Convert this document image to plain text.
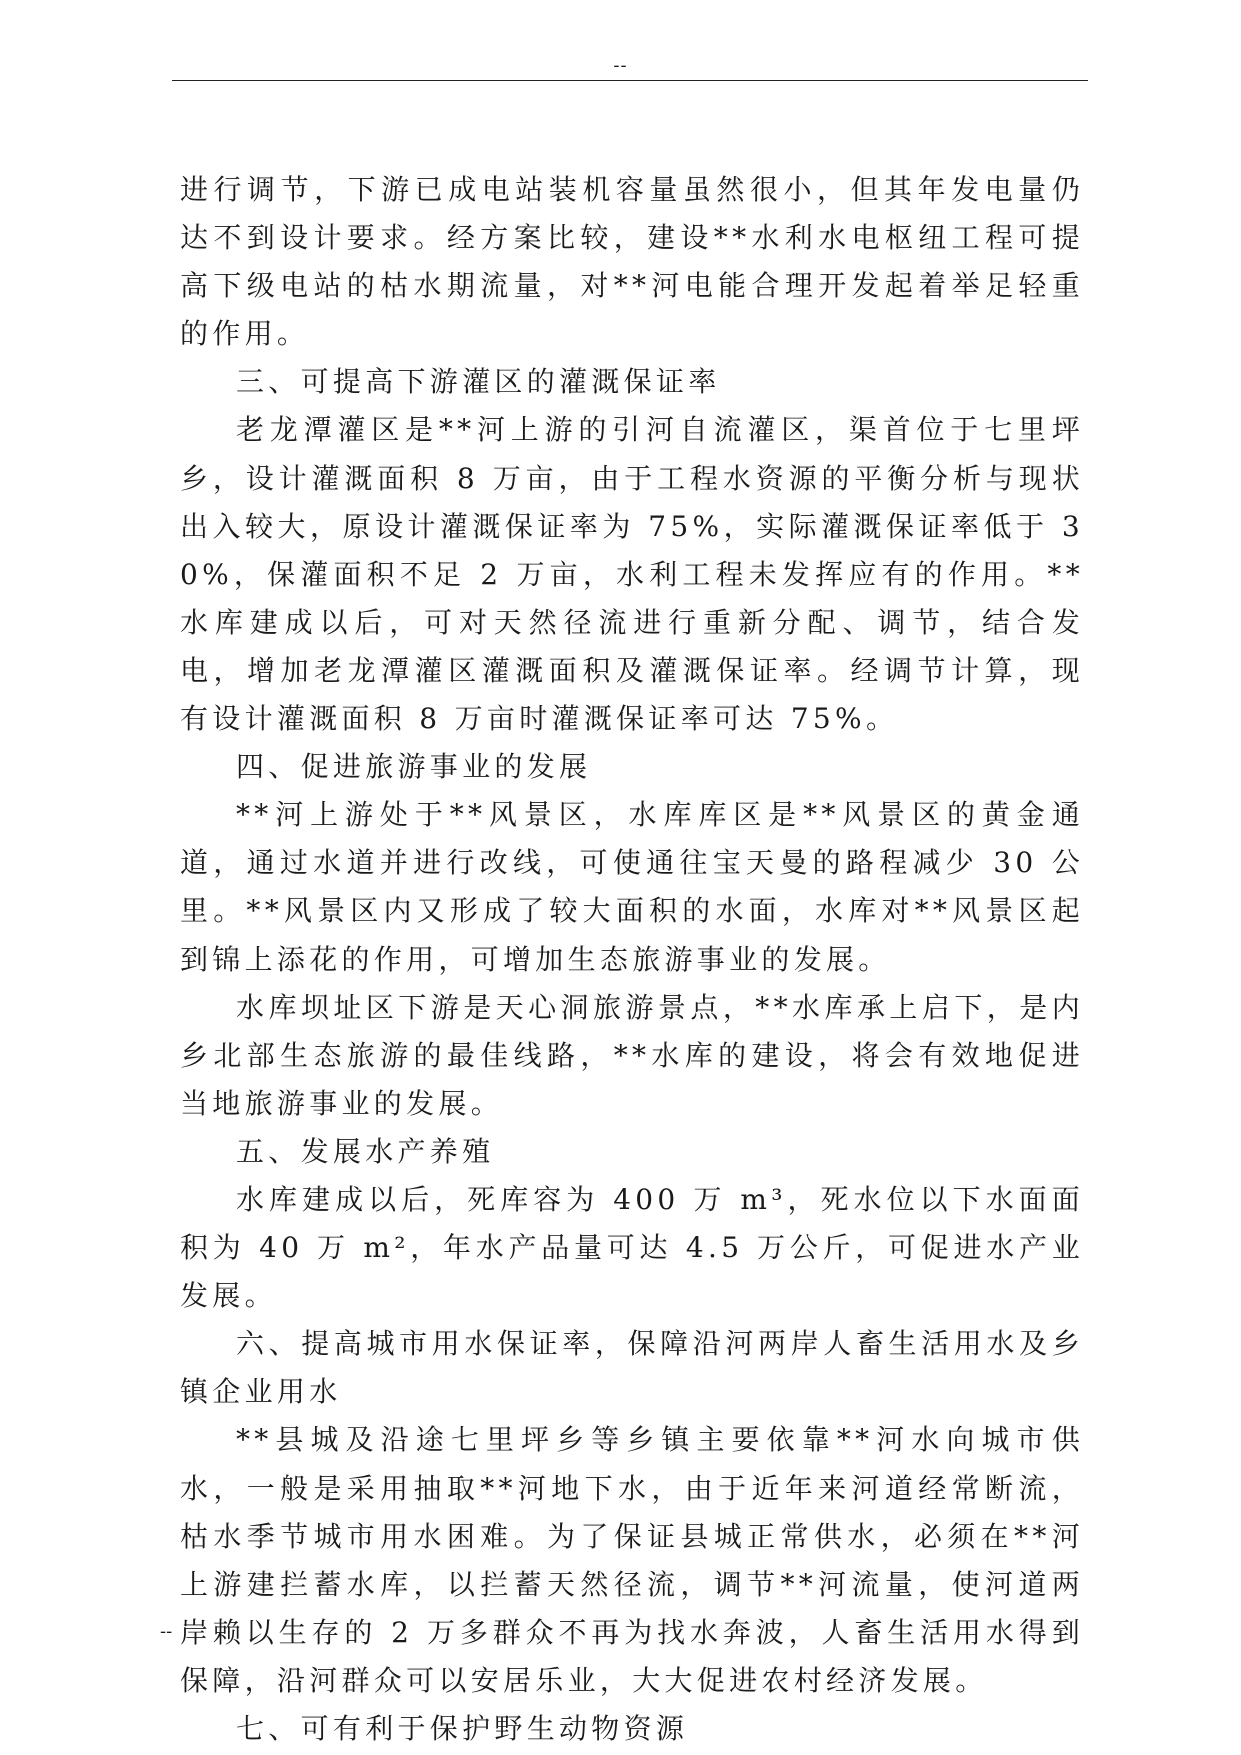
--

进行调节，下游已成电站装机容量虽然很小，但其年发电量仍达不到设计要求。经方案比较，建设**水利水电枢纽工程可提高下级电站的枯水期流量，对**河电能合理开发起着举足轻重的作用。

三、可提高下游灌区的灌溉保证率

老龙潭灌区是**河上游的引河自流灌区，渠首位于七里坪乡，设计灌溉面积 8 万亩，由于工程水资源的平衡分析与现状出入较大，原设计灌溉保证率为 75%，实际灌溉保证率低于 30%，保灌面积不足 2 万亩，水利工程未发挥应有的作用。**水库建成以后，可对天然径流进行重新分配、调节，结合发电，增加老龙潭灌区灌溉面积及灌溉保证率。经调节计算，现有设计灌溉面积 8 万亩时灌溉保证率可达 75%。

四、促进旅游事业的发展

**河上游处于**风景区，水库库区是**风景区的黄金通道，通过水道并进行改线，可使通往宝天曼的路程减少 30 公里。**风景区内又形成了较大面积的水面，水库对**风景区起到锦上添花的作用，可增加生态旅游事业的发展。

水库坝址区下游是天心洞旅游景点，**水库承上启下，是内乡北部生态旅游的最佳线路，**水库的建设，将会有效地促进当地旅游事业的发展。

五、发展水产养殖

水库建成以后，死库容为 400 万 m³，死水位以下水面面积为 40 万 m²，年水产品量可达 4.5 万公斤，可促进水产业发展。

六、提高城市用水保证率，保障沿河两岸人畜生活用水及乡镇企业用水

**县城及沿途七里坪乡等乡镇主要依靠**河水向城市供水，一般是采用抽取**河地下水，由于近年来河道经常断流，枯水季节城市用水困难。为了保证县城正常供水，必须在**河上游建拦蓄水库，以拦蓄天然径流，调节**河流量，使河道两岸赖以生存的 2 万多群众不再为找水奔波，人畜生活用水得到保障，沿河群众可以安居乐业，大大促进农村经济发展。

七、可有利于保护野生动物资源

--
